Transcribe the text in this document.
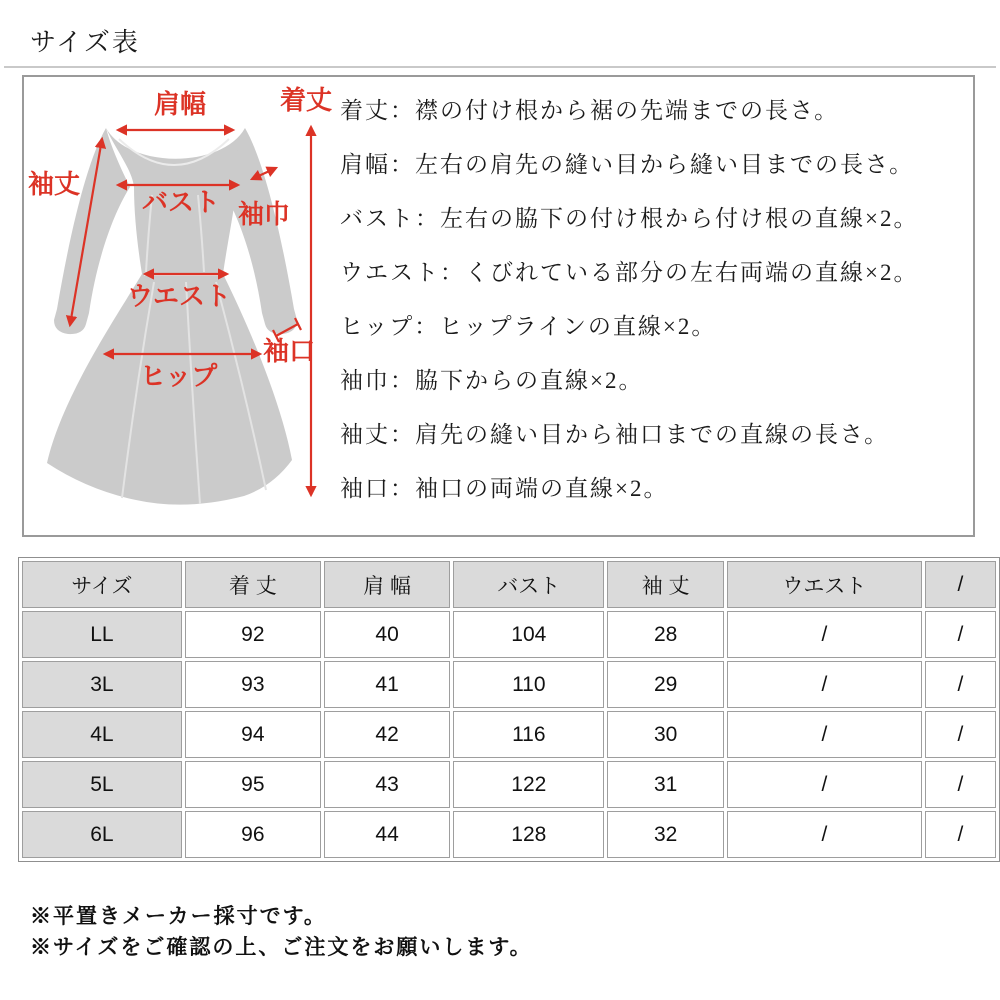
サイズ表
肩幅	着丈
袖丈
バスト 袖巾
ウエスト
ヒップ
袖口
着丈：襟の付け根から裾の先端までの長さ。
肩幅：左右の肩先の縫い目から縫い目までの長さ。
バスト：左右の脇下の付け根から付け根の直線×2。
ウエスト：くびれている部分の左右両端の直線×2。
ヒップ：ヒップラインの直線×2。
袖巾：脇下からの直線×2。
袖丈：肩先の縫い目から袖口までの直線の長さ。
袖口：袖口の両端の直線×2。
サイズ	着 丈	肩 幅	バスト	袖 丈	ウエスト	/
LL	92	40	104	28	/	/
3L	93	41	110	29	/	/
4L	94	42	116	30	/	/
5L	95	43	122	31	/	/
6L	96	44	128	32	/	/
※平置きメーカー採寸です。
※サイズをご確認の上、ご注文をお願いします。
